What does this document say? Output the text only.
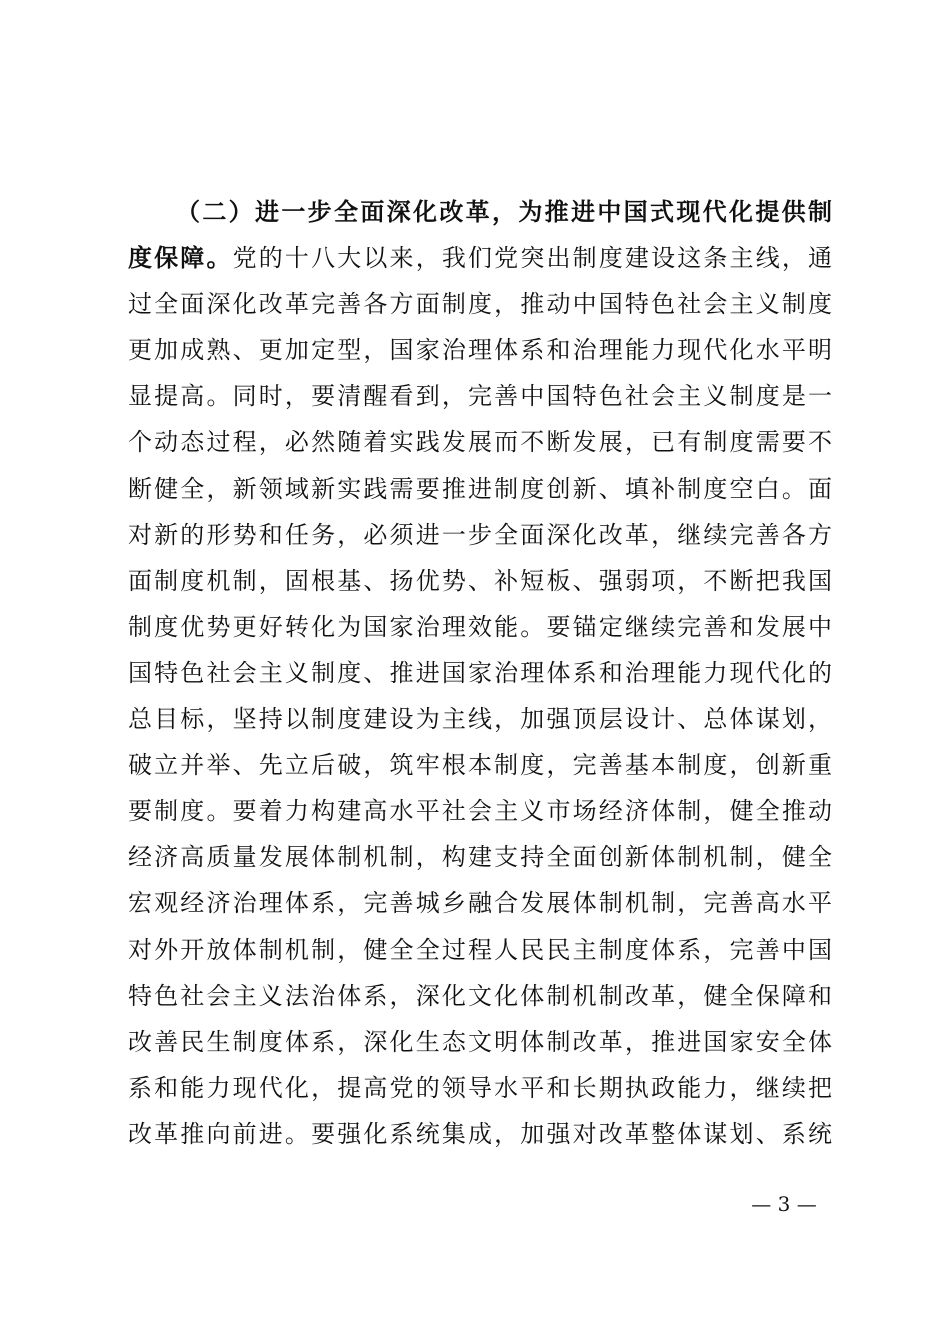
（二）进一步全面深化改革，为推进中国式现代化提供制
度保障。党的十八大以来，我们党突出制度建设这条主线，通
过全面深化改革完善各方面制度，推动中国特色社会主义制度
更加成熟、更加定型，国家治理体系和治理能力现代化水平明
显提高。同时，要清醒看到，完善中国特色社会主义制度是一
个动态过程，必然随着实践发展而不断发展，已有制度需要不
断健全，新领域新实践需要推进制度创新、填补制度空白。面
对新的形势和任务，必须进一步全面深化改革，继续完善各方
面制度机制，固根基、扬优势、补短板、强弱项，不断把我国
制度优势更好转化为国家治理效能。要锚定继续完善和发展中
国特色社会主义制度、推进国家治理体系和治理能力现代化的
总目标，坚持以制度建设为主线，加强顶层设计、总体谋划，
破立并举、先立后破，筑牢根本制度，完善基本制度，创新重
要制度。要着力构建高水平社会主义市场经济体制，健全推动
经济高质量发展体制机制，构建支持全面创新体制机制，健全
宏观经济治理体系，完善城乡融合发展体制机制，完善高水平
对外开放体制机制，健全全过程人民民主制度体系，完善中国
特色社会主义法治体系，深化文化体制机制改革，健全保障和
改善民生制度体系，深化生态文明体制改革，推进国家安全体
系和能力现代化，提高党的领导水平和长期执政能力，继续把
改革推向前进。要强化系统集成，加强对改革整体谋划、系统
— 3 —
